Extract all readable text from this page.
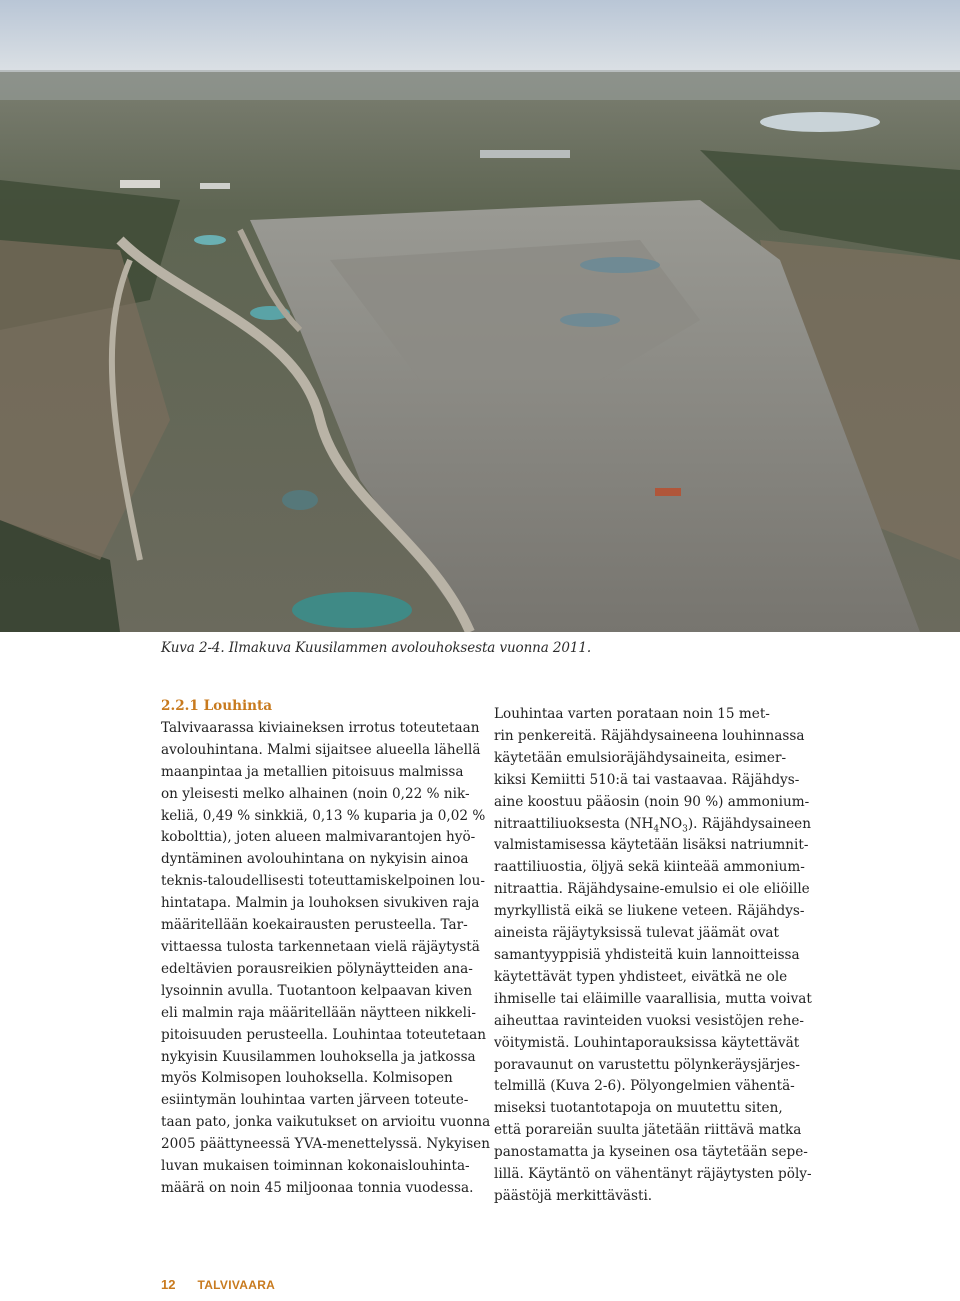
Kuva 2-4. Ilmakuva Kuusilammen avolouhoksesta vuonna 2011.
2.2.1 Louhinta
Talvivaarassa kiviaineksen irrotus toteutetaan
avolouhintana. Malmi sijaitsee alueella lähellä
maanpintaa ja metallien pitoisuus malmissa
on yleisesti melko alhainen (noin 0,22 % nik-
keliä, 0,49 % sinkkiä, 0,13 % kuparia ja 0,02 %
kobolttia), joten alueen malmivarantojen hyö-
dyntäminen avolouhintana on nykyisin ainoa
teknis-taloudellisesti toteuttamiskelpoinen lou-
hintatapa. Malmin ja louhoksen sivukiven raja
määritellään koekairausten perusteella. Tar-
vittaessa tulosta tarkennetaan vielä räjäytystä
edeltävien porausreikien pölynäytteiden ana-
lysoinnin avulla. Tuotantoon kelpaavan kiven
eli malmin raja määritellään näytteen nikkeli-
pitoisuuden perusteella. Louhintaa toteutetaan
nykyisin Kuusilammen louhoksella ja jatkossa
myös Kolmisopen louhoksella. Kolmisopen
esiintymän louhintaa varten järveen toteute-
taan pato, jonka vaikutukset on arvioitu vuonna
2005 päättyneessä YVA-menettelyssä. Nykyisen
luvan mukaisen toiminnan kokonaislouhinta-
määrä on noin 45 miljoonaa tonnia vuodessa.
Louhintaa varten porataan noin 15 met-
rin penkereitä. Räjähdysaineena louhinnassa
käytetään emulsioräjähdysaineita, esimer-
kiksi Kemiitti 510:ä tai vastaavaa. Räjähdys-
aine koostuu pääosin (noin 90 %) ammonium-
nitraattiliuoksesta $(NH_4NO_3)$. Räjähdysaineen
valmistamisessa käytetään lisäksi natriumnit-
raattiliuostia, öljyä sekä kiinteää ammonium-
nitraattia. Räjähdysaine-emulsio ei ole eliöille
myrkyllistä eikä se liukene veteen. Räjähdys-
aineista räjäytyksissä tulevat jäämät ovat
samantyyppisiä yhdisteitä kuin lannoitteissa
käytettävät typen yhdisteet, eivätkä ne ole
ihmiselle tai eläimille vaarallisia, mutta voivat
aiheuttaa ravinteiden vuoksi vesistöjen rehe-
vöitymistä. Louhintaporauksissa käytettävät
poravaunut on varustettu pölynkeräysjärjes-
telmillä (Kuva 2-6). Pölyongelmien vähentä-
miseksi tuotantotapoja on muutettu siten,
että porareiän suulta jätetään riittävä matka
panostamatta ja kyseinen osa täytetään sepe-
lillä. Käytäntö on vähentänyt räjäytysten pöly-
päästöjä merkittävästi.
12 TALVIVAARA
